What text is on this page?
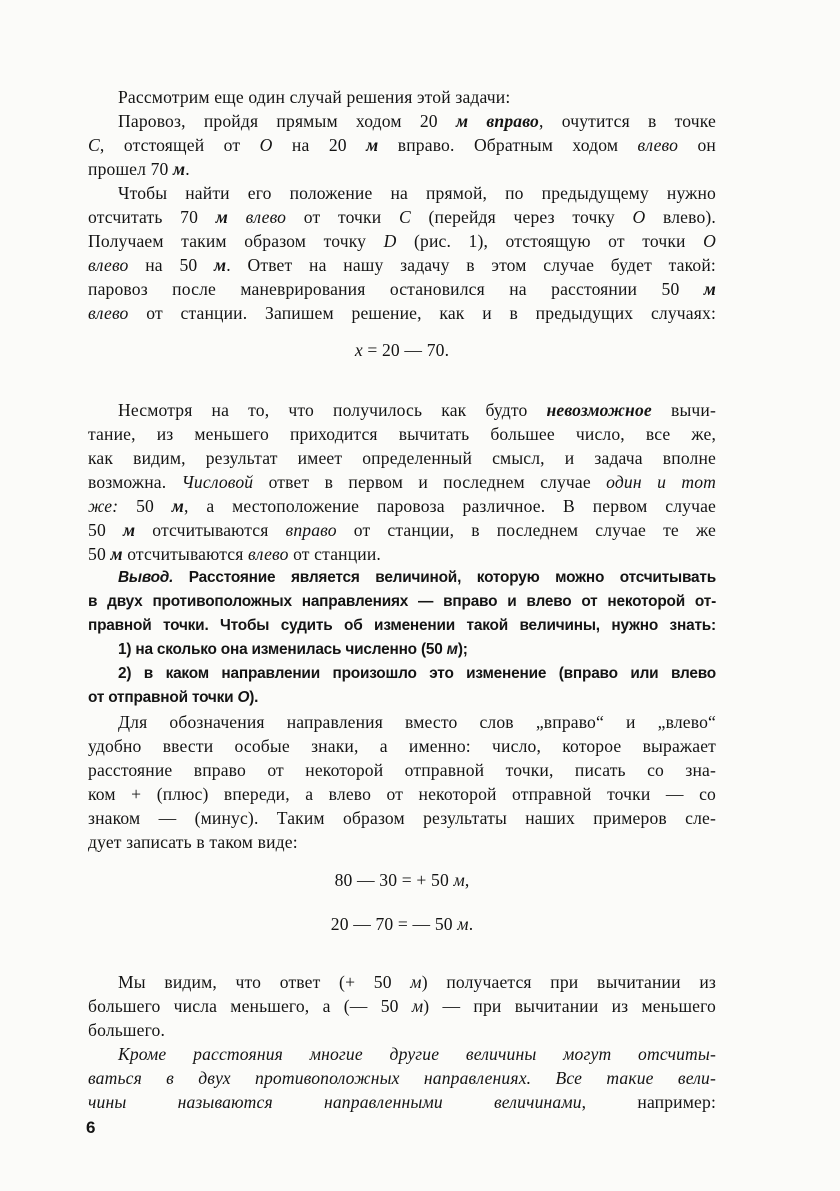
Рассмотрим еще один случай решения этой задачи:
Паровоз, пройдя прямым ходом 20 м вправо, очутится в точке
C, отстоящей от O на 20 м вправо. Обратным ходом влево он
прошел 70 м.
Чтобы найти его положение на прямой, по предыдущему нужно
отсчитать 70 м влево от точки C (перейдя через точку O влево).
Получаем таким образом точку D (рис. 1), отстоящую от точки O
влево на 50 м. Ответ на нашу задачу в этом случае будет такой:
паровоз после маневрирования остановился на расстоянии 50 м
влево от станции. Запишем решение, как и в предыдущих случаях:
x = 20 — 70.
Несмотря на то, что получилось как будто невозможное вычи-
тание, из меньшего приходится вычитать большее число, все же,
как видим, результат имеет определенный смысл, и задача вполне
возможна. Числовой ответ в первом и последнем случае один и тот
же: 50 м, а местоположение паровоза различное. В первом случае
50 м отсчитываются вправо от станции, в последнем случае те же
50 м отсчитываются влево от станции.
Вывод. Расстояние является величиной, которую можно отсчитывать
в двух противоположных направлениях — вправо и влево от некоторой от-
правной точки. Чтобы судить об изменении такой величины, нужно знать:
1) на сколько она изменилась численно (50 м);
2) в каком направлении произошло это изменение (вправо или влево
от отправной точки O).
Для обозначения направления вместо слов „вправо“ и „влево“
удобно ввести особые знаки, а именно: число, которое выражает
расстояние вправо от некоторой отправной точки, писать со зна-
ком + (плюс) впереди, а влево от некоторой отправной точки — со
знаком — (минус). Таким образом результаты наших примеров сле-
дует записать в таком виде:
80 — 30 = + 50 м,
20 — 70 = — 50 м.
Мы видим, что ответ (+ 50 м) получается при вычитании из
большего числа меньшего, а (— 50 м) — при вычитании из меньшего
большего.
Кроме расстояния многие другие величины могут отсчиты-
ваться в двух противоположных направлениях. Все такие вели-
чины называются направленными величинами, например:
6
